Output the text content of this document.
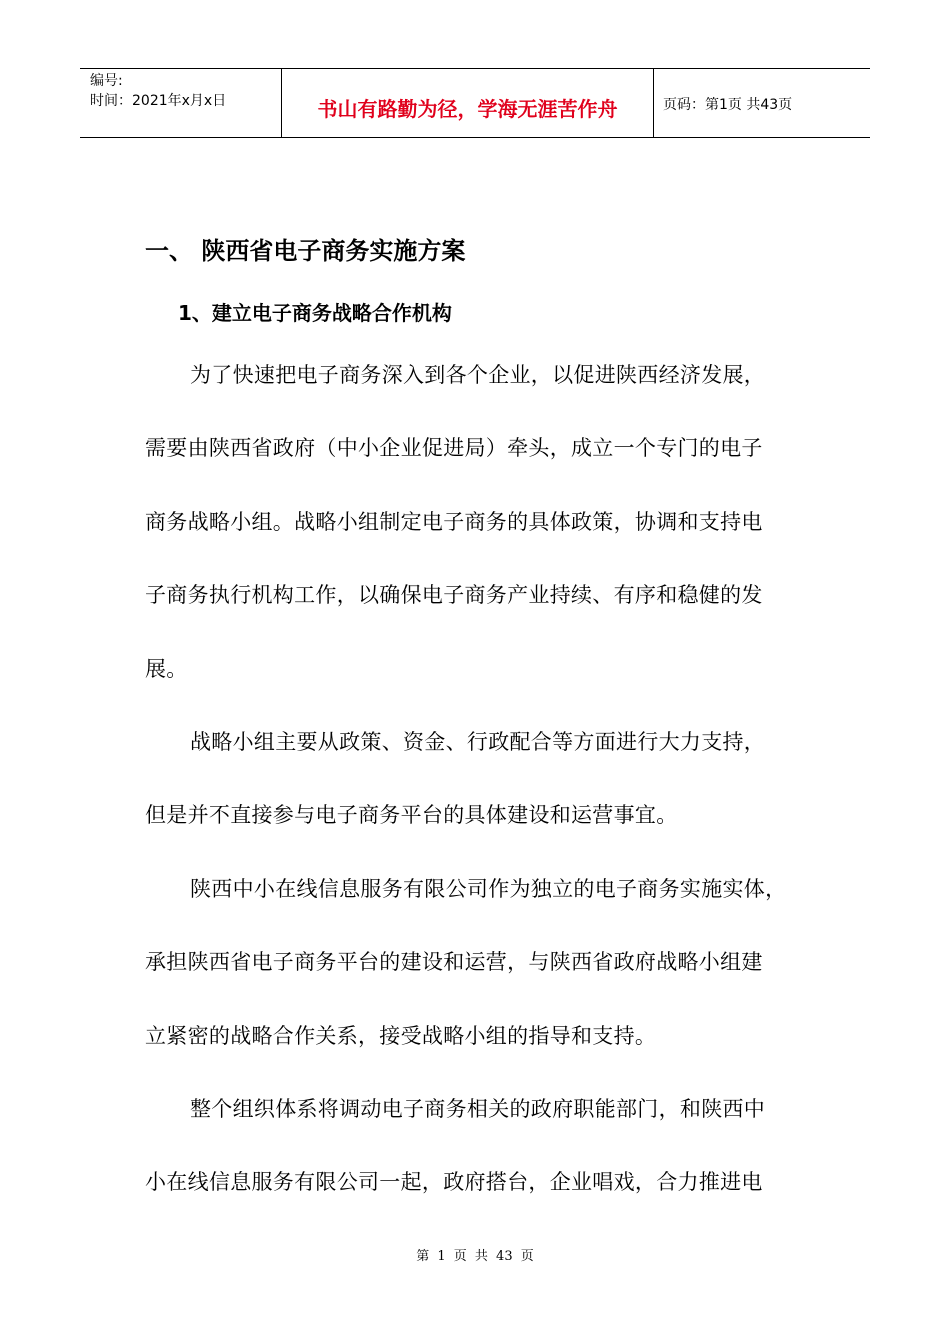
编号:
时间：2021年x月x日	书山有路勤为径，学海无涯苦作舟	页码：第1页 共43页
一、 陕西省电子商务实施方案
1、建立电子商务战略合作机构
为了快速把电子商务深入到各个企业，以促进陕西经济发展，
需要由陕西省政府（中小企业促进局）牵头，成立一个专门的电子
商务战略小组。战略小组制定电子商务的具体政策，协调和支持电
子商务执行机构工作，以确保电子商务产业持续、有序和稳健的发
展。
战略小组主要从政策、资金、行政配合等方面进行大力支持，
但是并不直接参与电子商务平台的具体建设和运营事宜。
陕西中小在线信息服务有限公司作为独立的电子商务实施实体，
承担陕西省电子商务平台的建设和运营，与陕西省政府战略小组建
立紧密的战略合作关系，接受战略小组的指导和支持。
整个组织体系将调动电子商务相关的政府职能部门，和陕西中
小在线信息服务有限公司一起，政府搭台，企业唱戏，合力推进电
第 1 页 共 43 页
